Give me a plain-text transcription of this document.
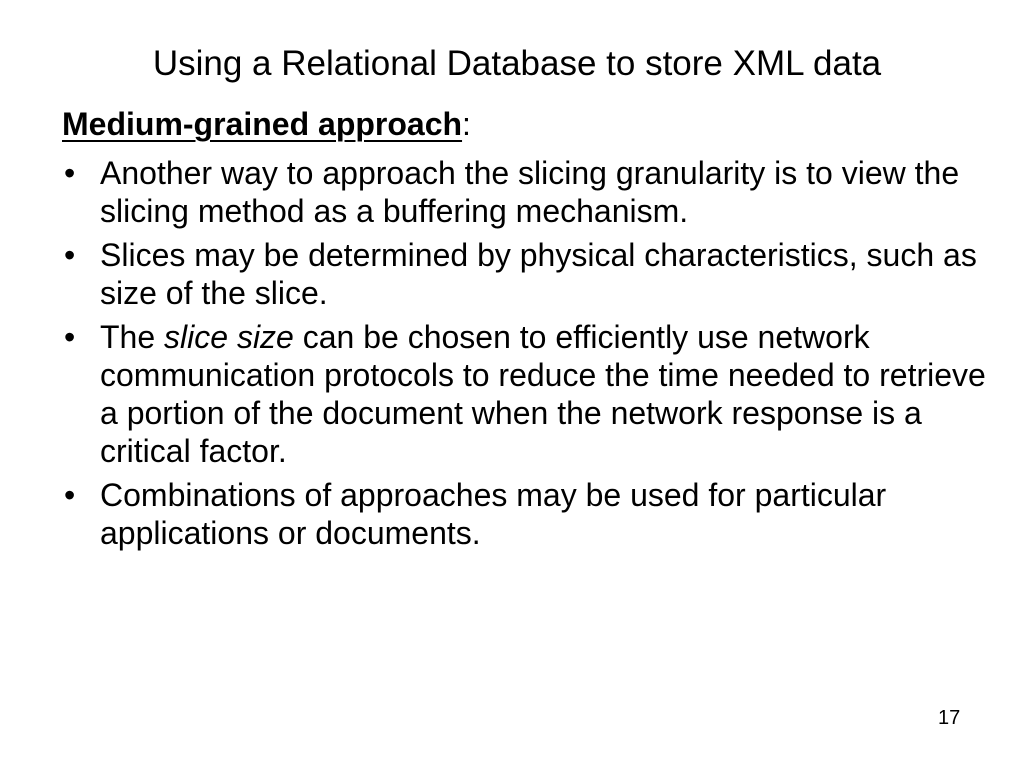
Using a Relational Database to store XML data
Medium-grained approach:
• Another way to approach the slicing granularity is to view the slicing method as a buffering mechanism.
• Slices may be determined by physical characteristics, such as size of the slice.
• The slice size can be chosen to efficiently use network communication protocols to reduce the time needed to retrieve a portion of the document when the network response is a critical factor.
• Combinations of approaches may be used for particular applications or documents.
17
